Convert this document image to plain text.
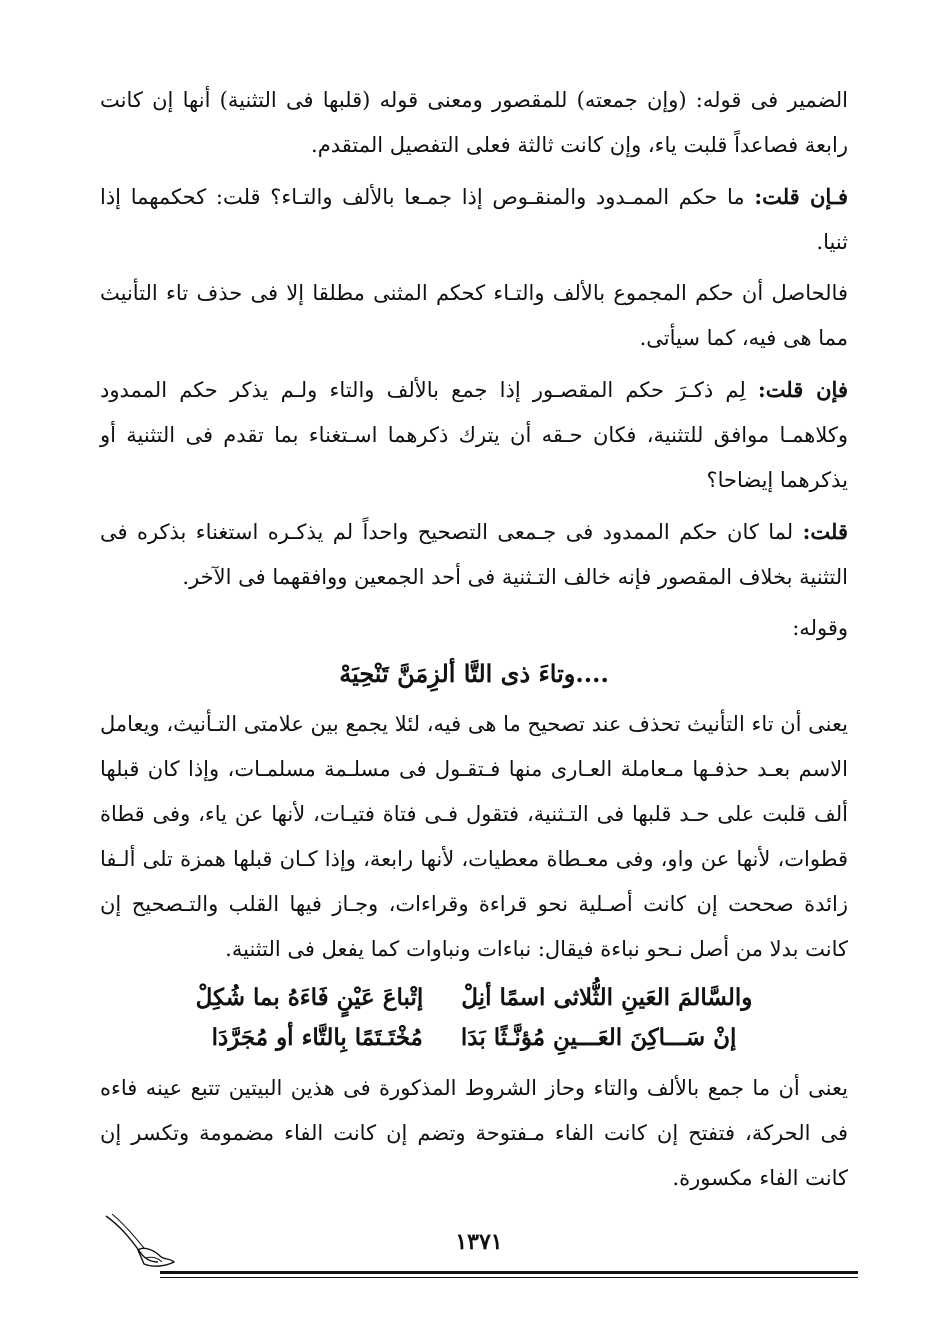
الضمير فى قوله: (وإن جمعته) للمقصور ومعنى قوله (قلبها فى التثنية) أنها إن كانت رابعة فصاعداً قلبت ياء، وإن كانت ثالثة فعلى التفصيل المتقدم.

فـإن قلت: ما حكم الممـدود والمنقـوص إذا جمـعا بالألف والتـاء؟ قلت: كحكمهما إذا ثنيا.

فالحاصل أن حكم المجموع بالألف والتـاء كحكم المثنى مطلقا إلا فى حذف تاء التأنيث مما هى فيه، كما سيأتى.

فإن قلت: لِم ذكـرَ حكم المقصـور إذا جمع بالألف والتاء ولـم يذكر حكم الممدود وكلاهمـا موافق للتثنية، فكان حـقه أن يترك ذكرهما اسـتغناء بما تقدم فى التثنية أو يذكرهما إيضاحا؟

قلت: لما كان حكم الممدود فى جـمعى التصحيح واحداً لم يذكـره استغناء بذكره فى التثنية بخلاف المقصور فإنه خالف التـثنية فى أحد الجمعين ووافقهما فى الآخر.

وقوله:

....وتاءَ ذى التَّا ألزِمَنَّ تَنْحِيَهْ

يعنى أن تاء التأنيث تحذف عند تصحيح ما هى فيه، لئلا يجمع بين علامتى التـأنيث، ويعامل الاسم بعـد حذفـها مـعاملة العـارى منها فـتقـول فى مسلـمة مسلمـات، وإذا كان قبلها ألف قلبت على حـد قلبها فى التـثنية، فتقول فـى فتاة فتيـات، لأنها عن ياء، وفى قطاة قطوات، لأنها عن واو، وفى معـطاة معطيات، لأنها رابعة، وإذا كـان قبلها همزة تلى ألـفا زائدة صححت إن كانت أصـلية نحو قراءة وقراءات، وجـاز فيها القلب والتـصحيح إن كانت بدلا من أصل نـحو نباءة فيقال: نباءات ونباوات كما يفعل فى التثنية.

والسَّالمَ العَينِ الثُّلاثى اسمًا أنِلْ
إتْباعَ عَيْنٍ فَاءَهُ بما شُكِلْ
إنْ سَـــاكِنَ العَـــينِ مُؤنَّـثًا بَدَا
مُخْتَـتَمًا بِالتَّاء أو مُجَرَّدَا

يعنى أن ما جمع بالألف والتاء وحاز الشروط المذكورة فى هذين البيتين تتبع عينه فاءه فى الحركة، فتفتح إن كانت الفاء مـفتوحة وتضم إن كانت الفاء مضمومة وتكسر إن كانت الفاء مكسورة.

١٣٧١
